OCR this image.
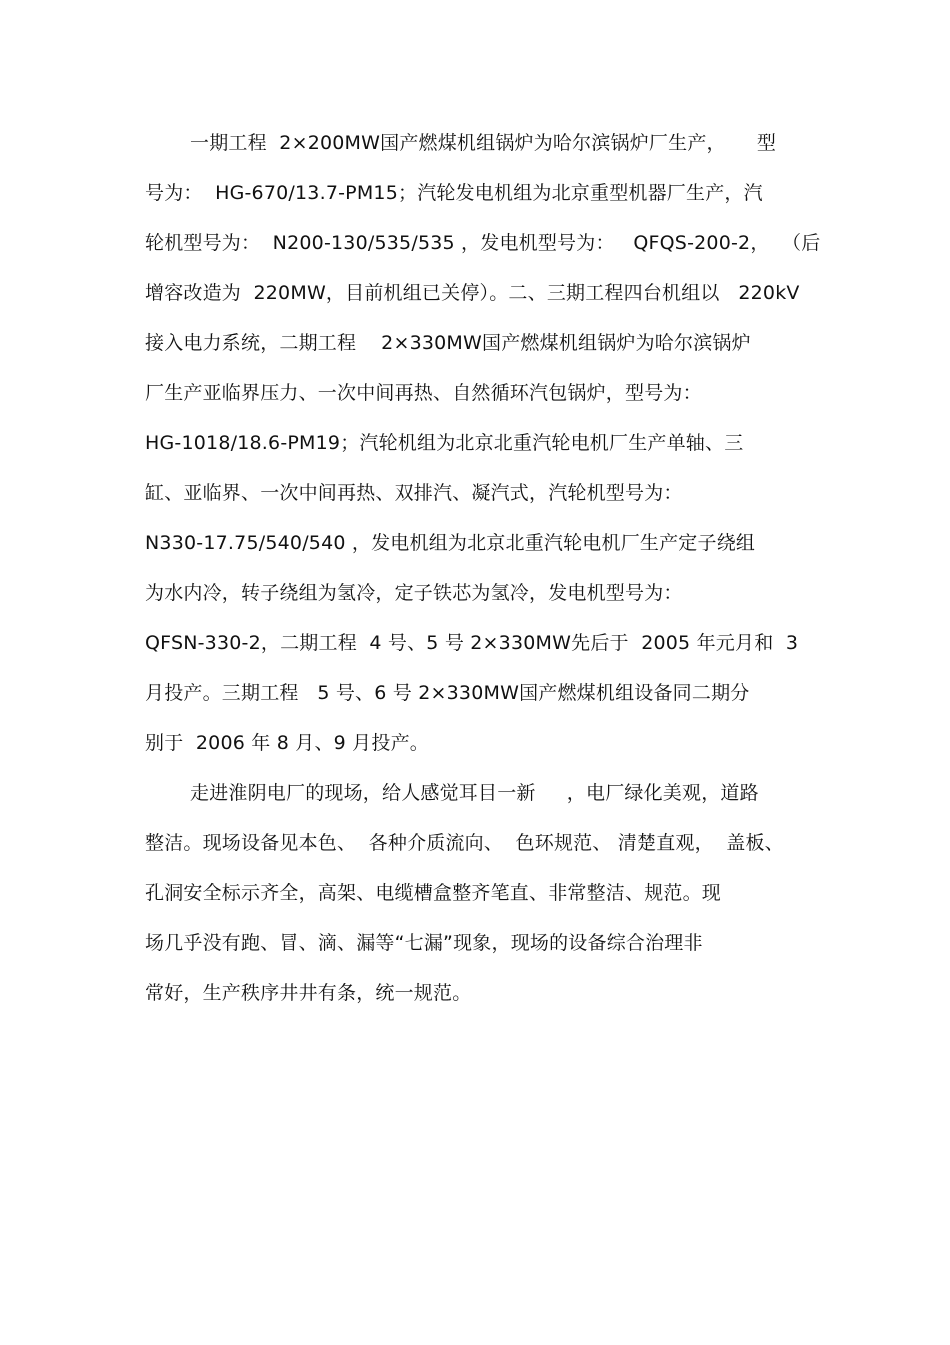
一期工程  2×200MW国产燃煤机组锅炉为哈尔滨锅炉厂生产，     型
号为：  HG-670/13.7-PM15；汽轮发电机组为北京重型机器厂生产，汽
轮机型号为：  N200-130/535/535 ，发电机型号为：   QFQS-200-2，  （后
增容改造为  220MW，目前机组已关停）。二、三期工程四台机组以   220kV
接入电力系统，二期工程    2×330MW国产燃煤机组锅炉为哈尔滨锅炉
厂生产亚临界压力、一次中间再热、自然循环汽包锅炉，型号为：
HG-1018/18.6-PM19；汽轮机组为北京北重汽轮电机厂生产单轴、三
缸、亚临界、一次中间再热、双排汽、凝汽式，汽轮机型号为：
N330-17.75/540/540 ，发电机组为北京北重汽轮电机厂生产定子绕组
为水内冷，转子绕组为氢冷，定子铁芯为氢冷，发电机型号为：
QFSN-330-2，二期工程  4 号、5 号 2×330MW先后于  2005 年元月和  3
月投产。三期工程   5 号、6 号 2×330MW国产燃煤机组设备同二期分
别于  2006 年 8 月、9 月投产。
走进淮阴电厂的现场，给人感觉耳目一新     ，电厂绿化美观，道路
整洁。现场设备见本色、  各种介质流向、  色环规范、 清楚直观，  盖板、
孔洞安全标示齐全，高架、电缆槽盒整齐笔直、非常整洁、规范。现
场几乎没有跑、冒、滴、漏等“七漏”现象，现场的设备综合治理非
常好，生产秩序井井有条，统一规范。
